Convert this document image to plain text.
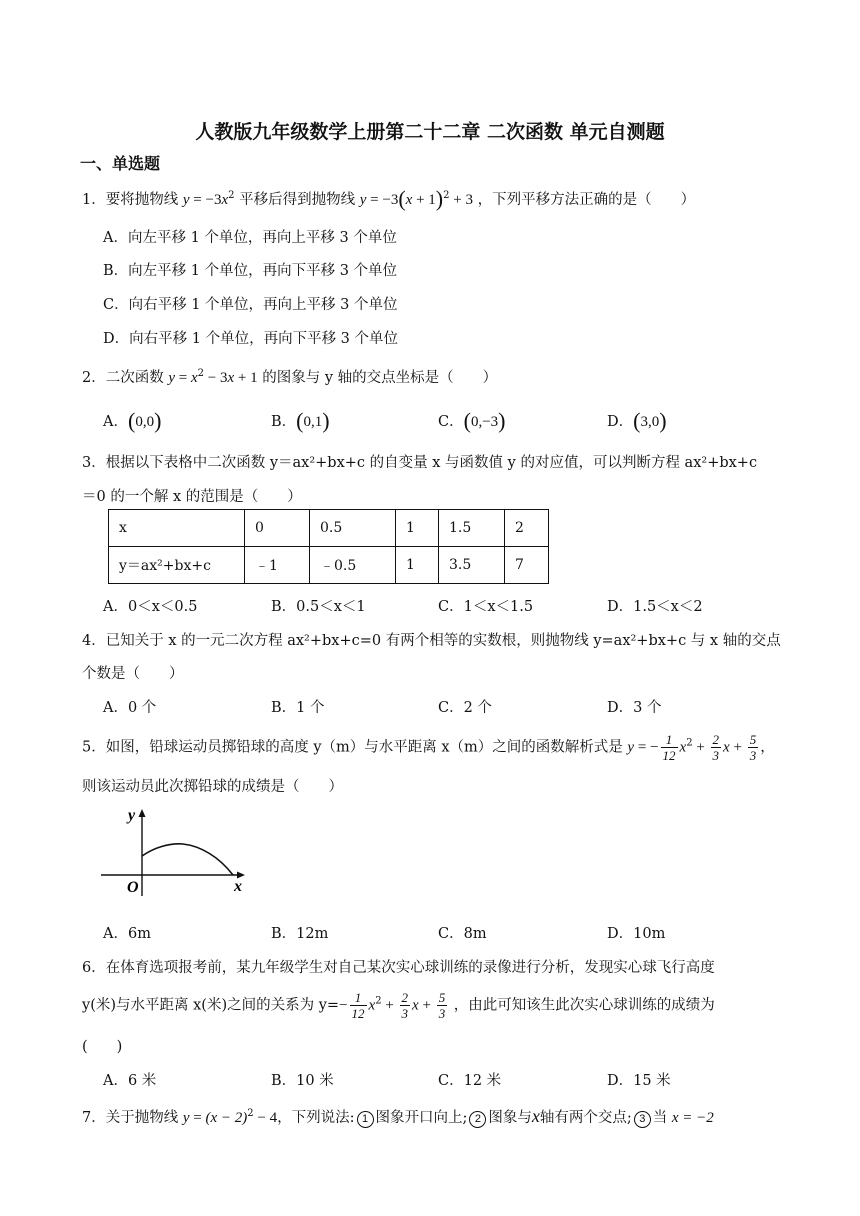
人教版九年级数学上册第二十二章 二次函数 单元自测题
一、单选题
1．要将抛物线 $y = -3x^2$ 平移后得到抛物线 $y = -3(x + 1)^2 + 3$ ，下列平移方法正确的是（　　）
A．向左平移 1 个单位，再向上平移 3 个单位
B．向左平移 1 个单位，再向下平移 3 个单位
C．向右平移 1 个单位，再向上平移 3 个单位
D．向右平移 1 个单位，再向下平移 3 个单位
2．二次函数 $y = x^2 - 3x + 1$ 的图象与 y 轴的交点坐标是（　　）
A．(0,0)	B．(0,1)	C．(0,−3)	D．(3,0)
3．根据以下表格中二次函数 y＝ax²+bx+c 的自变量 x 与函数值 y 的对应值，可以判断方程 ax²+bx+c
＝0 的一个解 x 的范围是（　　）
x	0	0.5	1	1.5	2
y＝ax²+bx+c	﹣1	﹣0.5	1	3.5	7
A．0＜x＜0.5	B．0.5＜x＜1	C．1＜x＜1.5	D．1.5＜x＜2
4．已知关于 x 的一元二次方程 ax²+bx+c=0 有两个相等的实数根，则抛物线 y=ax²+bx+c 与 x 轴的交点
个数是（　　）
A．0 个	B．1 个	C．2 个	D．3 个
5．如图，铅球运动员掷铅球的高度 y（m）与水平距离 x（m）之间的函数解析式是 y = − $\frac{1}{12} x^2 + \frac{2}{3}$ $x + \frac{5}{3}$ ，
则该运动员此次掷铅球的成绩是（　　）
y
x
O
A．6m	B．12m	C．8m	D．10m
6．在体育选项报考前，某九年级学生对自己某次实心球训练的录像进行分析，发现实心球飞行高度
y(米)与水平距离 x(米)之间的关系为 $y=- \frac{1}{12} x^2 + \frac{2}{3}$ $x + \frac{5}{3}$ ，由此可知该生此次实心球训练的成绩为
(　　)
A．6 米	B．10 米	C．12 米	D．15 米
7．关于抛物线 $y = (x - 2)^2 - 4$，下列说法: 1 图象开口向上; 2 图象与x轴有两个交点; 3 当 x = −2
